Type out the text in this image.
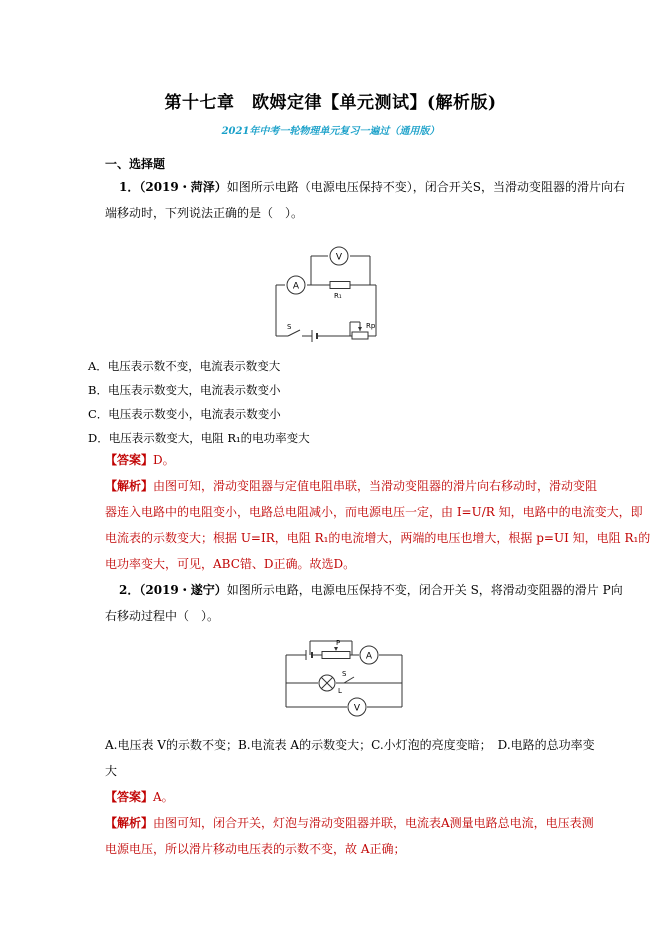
第十七章　欧姆定律【单元测试】(解析版)
2021年中考一轮物理单元复习一遍过（通用版）
一、选择题
1．（2019・菏泽）如图所示电路（电源电压保持不变），闭合开关S，当滑动变阻器的滑片向右
端移动时，下列说法正确的是（　）。
V
A
R₁
S	Rp
A．电压表示数不变，电流表示数变大
B．电压表示数变大，电流表示数变小
C．电压表示数变小，电流表示数变小
D．电压表示数变大，电阻 R₁的电功率变大
【答案】D。
【解析】由图可知，滑动变阻器与定值电阻串联，当滑动变阻器的滑片向右移动时，滑动变阻
器连入电路中的电阻变小，电路总电阻减小，而电源电压一定，由 I=U/R 知，电路中的电流变大，即
电流表的示数变大；根据 U=IR，电阻 R₁的电流增大，两端的电压也增大，根据 p=UI 知，电阻 R₁的
电功率变大，可见，ABC错、D正确。故选D。
2．（2019・遂宁）如图所示电路，电源电压保持不变，闭合开关 S，将滑动变阻器的滑片 P向
右移动过程中（　）。
P
A
S
L
V
A.电压表 V的示数不变；B.电流表 A的示数变大；C.小灯泡的亮度变暗；　D.电路的总功率变
大
【答案】A。
【解析】由图可知，闭合开关，灯泡与滑动变阻器并联，电流表A测量电路总电流，电压表测
电源电压，所以滑片移动电压表的示数不变，故 A正确；
